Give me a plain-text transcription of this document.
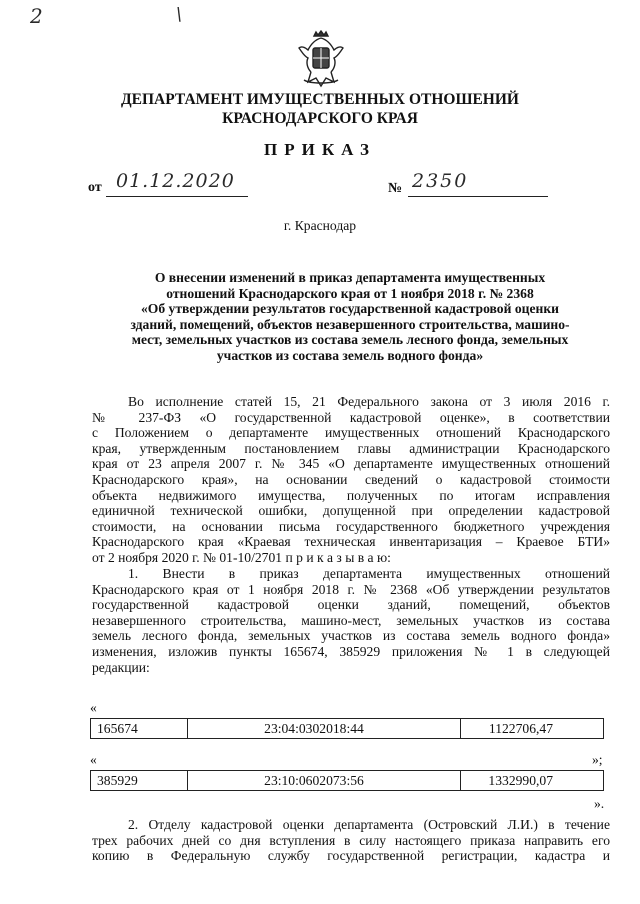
2	\
ДЕПАРТАМЕНТ ИМУЩЕСТВЕННЫХ ОТНОШЕНИЙ
КРАСНОДАРСКОГО КРАЯ
ПРИКАЗ
от 01.12.2020	№ 2350
г. Краснодар
О внесении изменений в приказ департамента имущественных
отношений Краснодарского края от 1 ноября 2018 г. № 2368
«Об утверждении результатов государственной кадастровой оценки
зданий, помещений, объектов незавершенного строительства, машино-
мест, земельных участков из состава земель лесного фонда, земельных
участков из состава земель водного фонда»
Во исполнение статей 15, 21 Федерального закона от 3 июля 2016 г.
№ 237-ФЗ «О государственной кадастровой оценке», в соответствии
с Положением о департаменте имущественных отношений Краснодарского
края, утвержденным постановлением главы администрации Краснодарского
края от 23 апреля 2007 г. № 345 «О департаменте имущественных отношений
Краснодарского края», на основании сведений о кадастровой стоимости
объекта недвижимого имущества, полученных по итогам исправления
единичной технической ошибки, допущенной при определении кадастровой
стоимости, на основании письма государственного бюджетного учреждения
Краснодарского края «Краевая техническая инвентаризация – Краевое БТИ»
от 2 ноября 2020 г. № 01-10/2701 п р и к а з ы в а ю:
1. Внести в приказ департамента имущественных отношений
Краснодарского края от 1 ноября 2018 г. № 2368 «Об утверждении результатов
государственной кадастровой оценки зданий, помещений, объектов
незавершенного строительства, машино-мест, земельных участков из состава
земель лесного фонда, земельных участков из состава земель водного фонда»
изменения, изложив пункты 165674, 385929 приложения № 1 в следующей
редакции:
«
165674	23:04:0302018:44	1122706,47
«	»;
385929	23:10:0602073:56	1332990,07
».
2. Отделу кадастровой оценки департамента (Островский Л.И.) в течение
трех рабочих дней со дня вступления в силу настоящего приказа направить его
копию в Федеральную службу государственной регистрации, кадастра и
